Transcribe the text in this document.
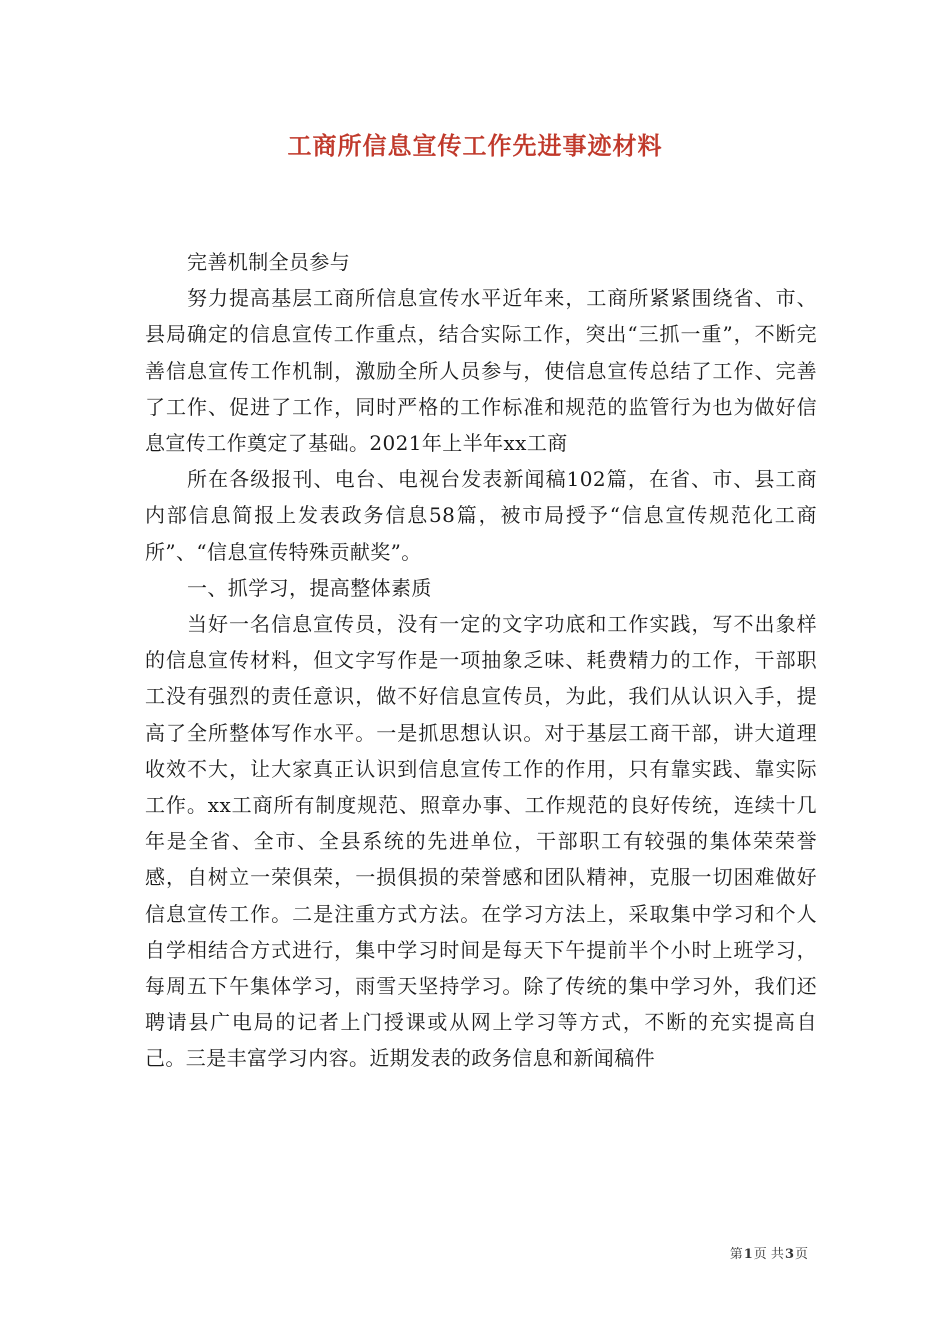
工商所信息宣传工作先进事迹材料

完善机制全员参与

努力提高基层工商所信息宣传水平近年来，工商所紧紧围绕省、市、县局确定的信息宣传工作重点，结合实际工作，突出“三抓一重”，不断完善信息宣传工作机制，激励全所人员参与，使信息宣传总结了工作、完善了工作、促进了工作，同时严格的工作标准和规范的监管行为也为做好信息宣传工作奠定了基础。2021年上半年xx工商

所在各级报刊、电台、电视台发表新闻稿102篇，在省、市、县工商内部信息简报上发表政务信息58篇，被市局授予“信息宣传规范化工商所”、“信息宣传特殊贡献奖”。

一、抓学习，提高整体素质

当好一名信息宣传员，没有一定的文字功底和工作实践，写不出象样的信息宣传材料，但文字写作是一项抽象乏味、耗费精力的工作，干部职工没有强烈的责任意识，做不好信息宣传员，为此，我们从认识入手，提高了全所整体写作水平。一是抓思想认识。对于基层工商干部，讲大道理收效不大，让大家真正认识到信息宣传工作的作用，只有靠实践、靠实际工作。xx工商所有制度规范、照章办事、工作规范的良好传统，连续十几年是全省、全市、全县系统的先进单位，干部职工有较强的集体荣荣誉感，自树立一荣俱荣，一损俱损的荣誉感和团队精神，克服一切困难做好信息宣传工作。二是注重方式方法。在学习方法上，采取集中学习和个人自学相结合方式进行，集中学习时间是每天下午提前半个小时上班学习，每周五下午集体学习，雨雪天坚持学习。除了传统的集中学习外，我们还聘请县广电局的记者上门授课或从网上学习等方式，不断的充实提高自己。三是丰富学习内容。近期发表的政务信息和新闻稿件

第1页 共3页
